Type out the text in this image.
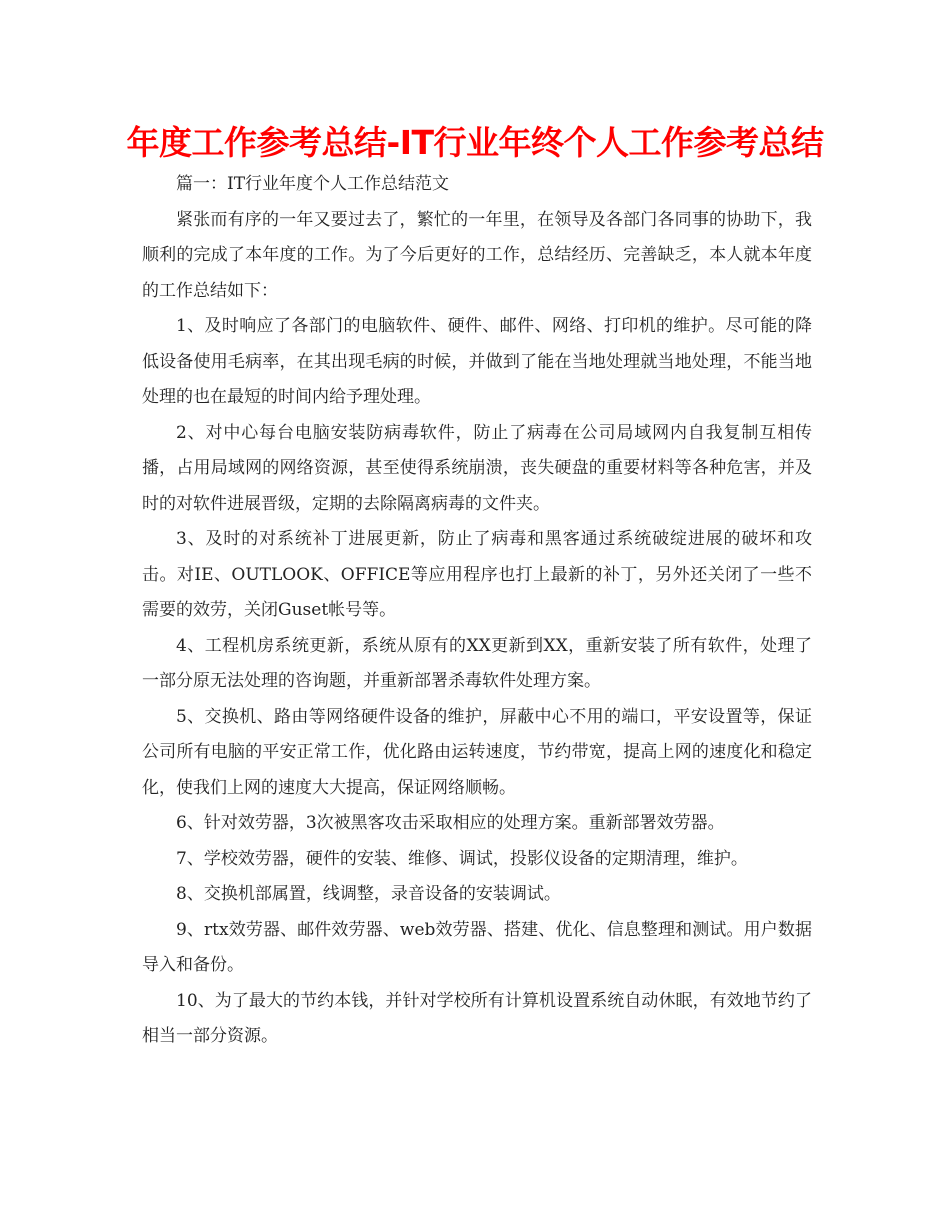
年度工作参考总结-IT行业年终个人工作参考总结

篇一：IT行业年度个人工作总结范文

紧张而有序的一年又要过去了，繁忙的一年里，在领导及各部门各同事的协助下，我顺利的完成了本年度的工作。为了今后更好的工作，总结经历、完善缺乏，本人就本年度的工作总结如下：

1、及时响应了各部门的电脑软件、硬件、邮件、网络、打印机的维护。尽可能的降低设备使用毛病率，在其出现毛病的时候，并做到了能在当地处理就当地处理，不能当地处理的也在最短的时间内给予理处理。

2、对中心每台电脑安装防病毒软件，防止了病毒在公司局域网内自我复制互相传播，占用局域网的网络资源，甚至使得系统崩溃，丧失硬盘的重要材料等各种危害，并及时的对软件进展晋级，定期的去除隔离病毒的文件夹。

3、及时的对系统补丁进展更新，防止了病毒和黑客通过系统破绽进展的破坏和攻击。对IE、OUTLOOK、OFFICE等应用程序也打上最新的补丁，另外还关闭了一些不需要的效劳，关闭Guset帐号等。

4、工程机房系统更新，系统从原有的XX更新到XX，重新安装了所有软件，处理了一部分原无法处理的咨询题，并重新部署杀毒软件处理方案。

5、交换机、路由等网络硬件设备的维护，屏蔽中心不用的端口，平安设置等，保证公司所有电脑的平安正常工作，优化路由运转速度，节约带宽，提高上网的速度化和稳定化，使我们上网的速度大大提高，保证网络顺畅。

6、针对效劳器，3次被黑客攻击采取相应的处理方案。重新部署效劳器。

7、学校效劳器，硬件的安装、维修、调试，投影仪设备的定期清理，维护。

8、交换机部属置，线调整，录音设备的安装调试。

9、rtx效劳器、邮件效劳器、web效劳器、搭建、优化、信息整理和测试。用户数据导入和备份。

10、为了最大的节约本钱，并针对学校所有计算机设置系统自动休眠，有效地节约了相当一部分资源。
